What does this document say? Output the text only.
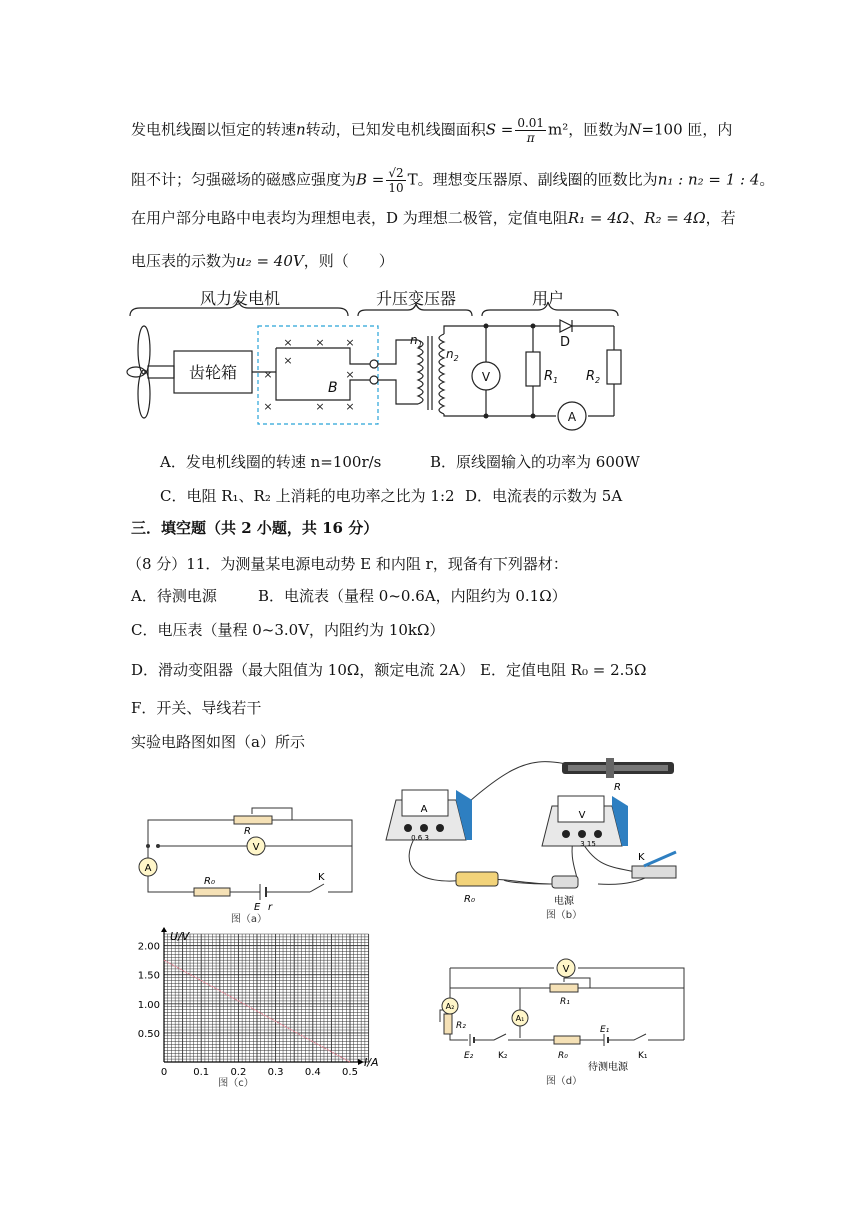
发电机线圈以恒定的转速n转动，已知发电机线圈面积$S = \frac{0.01}{\pi} m^2$，匝数为N=100 匝，内
阻不计；匀强磁场的磁感应强度为$B = \frac{√2}{10}$ T。理想变压器原、副线圈的匝数比为n₁ : n₂ = 1 : 4。
在用户部分电路中电表均为理想电表，D 为理想二极管，定值电阻R₁ = 4Ω、R₂ = 4Ω，若
电压表的示数为u₂ = 40V，则（　　）
×
×
×	×
×	×
×	× ×
风力发电机	升压变压器	用户
齿轮箱
B
$n_1$
$n_2$
V
A
D
$R_1$ $R_2$
A．发电机线圈的转速 n=100r/s	B．原线圈输入的功率为 600W
C．电阻 R₁、R₂ 上消耗的电功率之比为 1:2 D．电流表的示数为 5A
三．填空题（共 2 小题，共 16 分）
（8 分）11．为测量某电源电动势 E 和内阻 r，现备有下列器材：
A．待测电源	B．电流表（量程 0~0.6A，内阻约为 0.1Ω）
C．电压表（量程 0~3.0V，内阻约为 10kΩ）
D．滑动变阻器（最大阻值为 10Ω，额定电流 2A） E．定值电阻 R₀ = 2.5Ω
F．开关、导线若干
实验电路图如图（a）所示
A
V
R
R₀
E r
K
图（a）
R
A
0.6 3
V
3 15
R₀	电源
K
图（b）
2.00
1.50
1.00
0.50
0	0.1 0.2 0.3 0.4 0.5
U/V
I/A
图（c）
V
A₂
A₁
R₁
R₂
E₂	K₂	R₀
E₁
K₁
待测电源
图（d）
